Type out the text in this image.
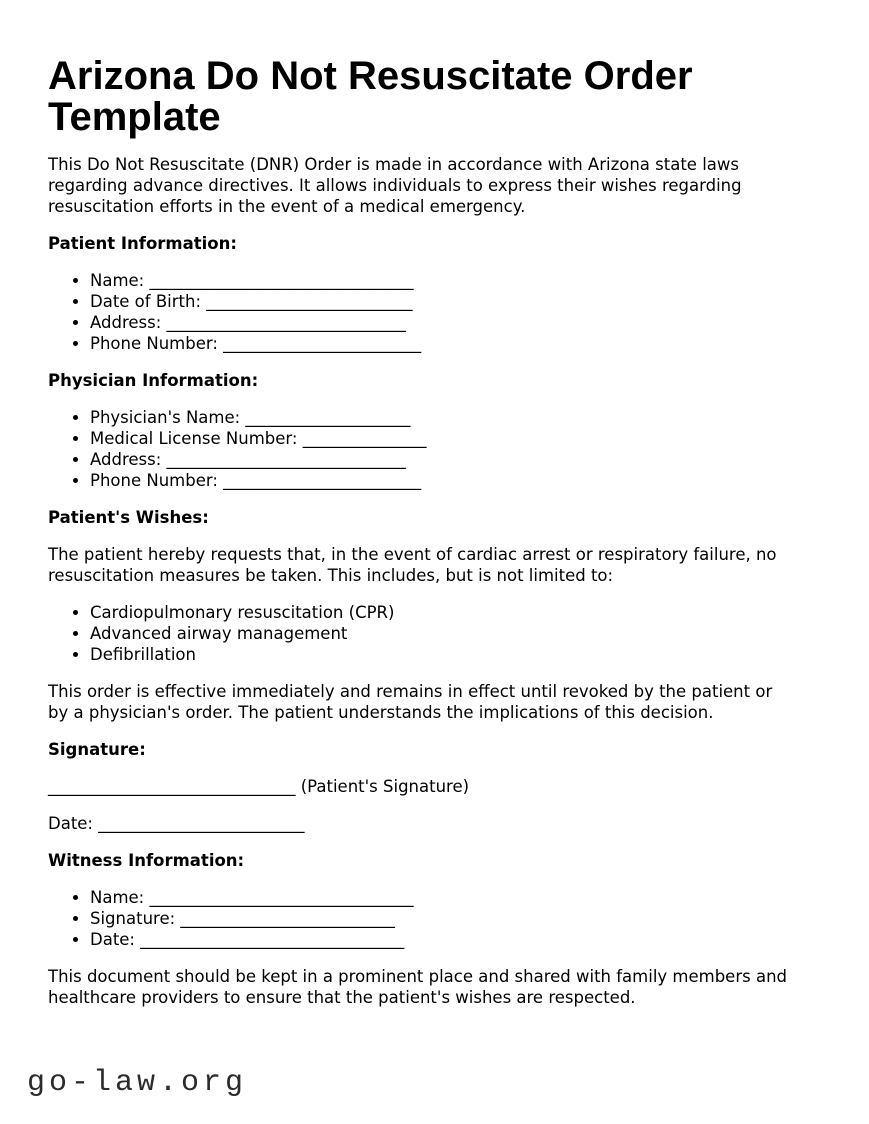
Arizona Do Not Resuscitate Order Template

This Do Not Resuscitate (DNR) Order is made in accordance with Arizona state laws regarding advance directives. It allows individuals to express their wishes regarding resuscitation efforts in the event of a medical emergency.

Patient Information:
• Name: ________________________________
• Date of Birth: _________________________
• Address: _____________________________
• Phone Number: ________________________
Physician Information:
• Physician's Name: ____________________
• Medical License Number: _______________
• Address: _____________________________
• Phone Number: ________________________
Patient's Wishes:

The patient hereby requests that, in the event of cardiac arrest or respiratory failure, no resuscitation measures be taken. This includes, but is not limited to:

• Cardiopulmonary resuscitation (CPR)
• Advanced airway management
• Defibrillation

This order is effective immediately and remains in effect until revoked by the patient or by a physician's order. The patient understands the implications of this decision.

Signature:

______________________________ (Patient's Signature)

Date: _________________________

Witness Information:
• Name: ________________________________
• Signature: __________________________
• Date: ________________________________

This document should be kept in a prominent place and shared with family members and healthcare providers to ensure that the patient's wishes are respected.

go-law.org
